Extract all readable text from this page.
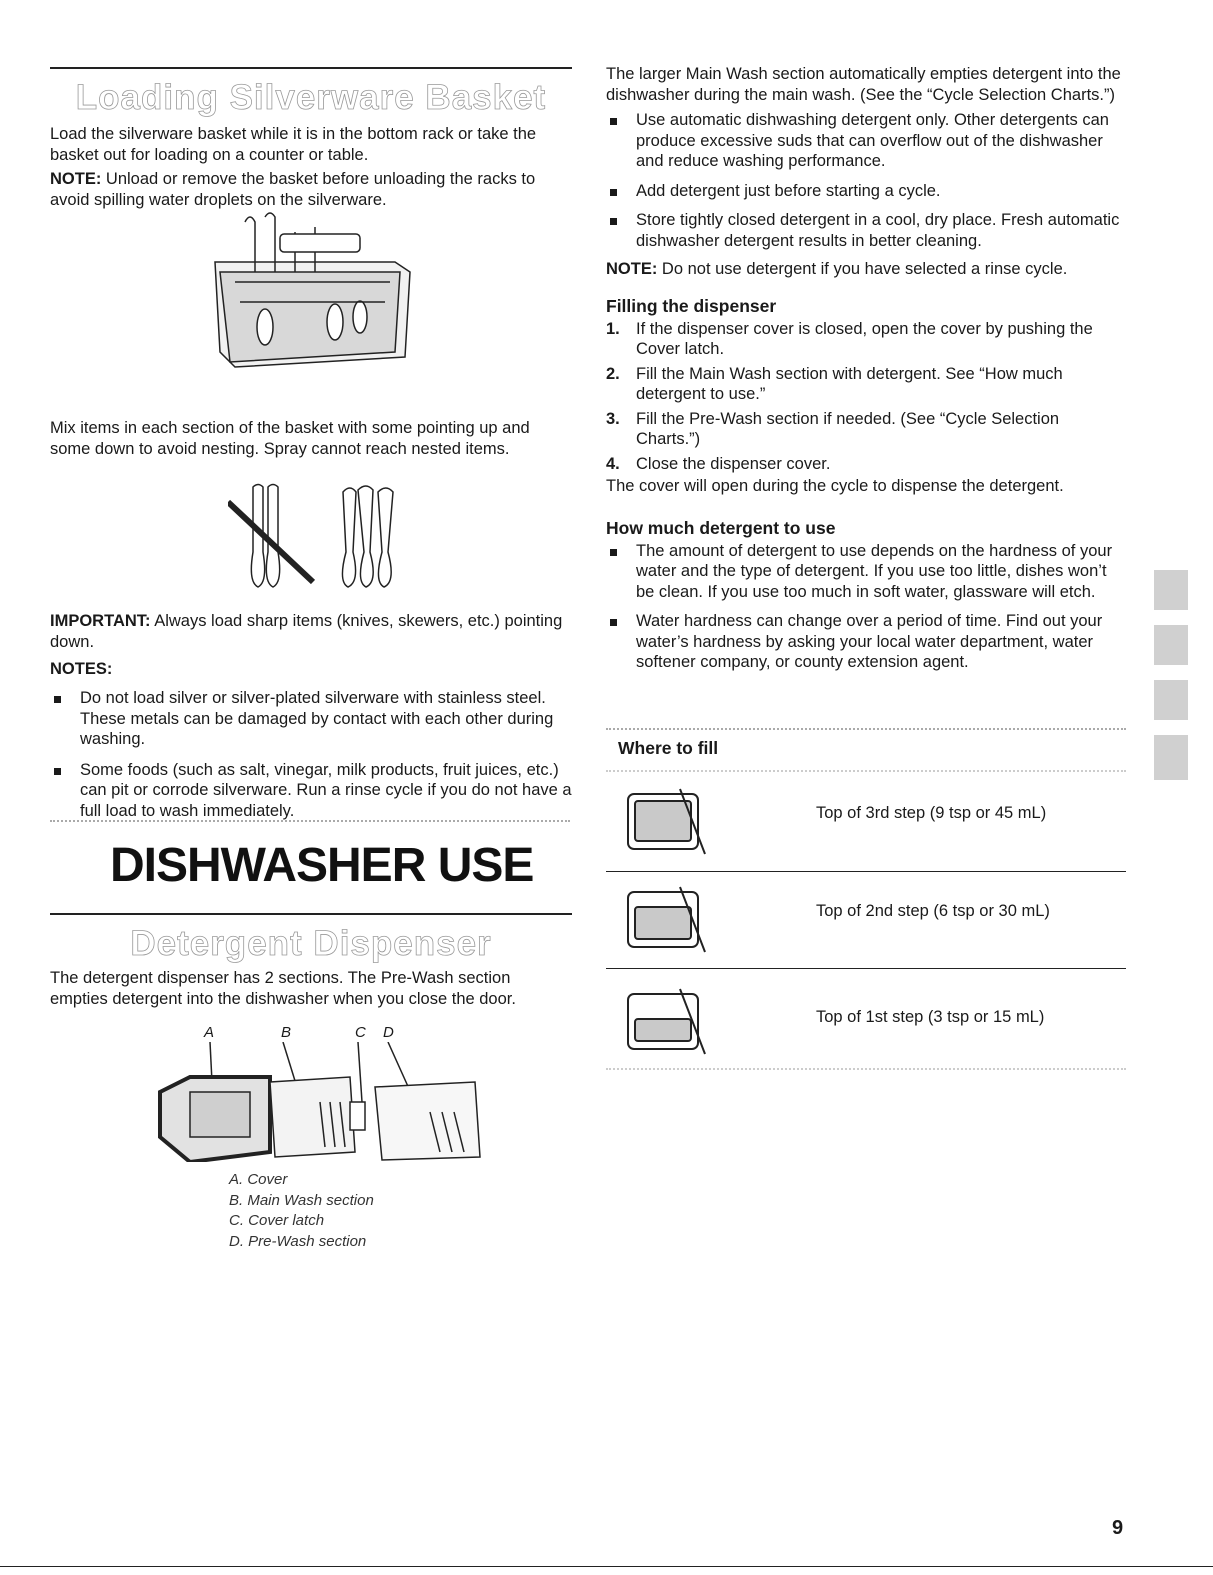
Loading Silverware Basket

Load the silverware basket while it is in the bottom rack or take the basket out for loading on a counter or table.

NOTE: Unload or remove the basket before unloading the racks to avoid spilling water droplets on the silverware.

Mix items in each section of the basket with some pointing up and some down to avoid nesting. Spray cannot reach nested items.

IMPORTANT: Always load sharp items (knives, skewers, etc.) pointing down.

NOTES:

Do not load silver or silver-plated silverware with stainless steel. These metals can be damaged by contact with each other during washing.
Some foods (such as salt, vinegar, milk products, fruit juices, etc.) can pit or corrode silverware. Run a rinse cycle if you do not have a full load to wash immediately.
DISHWASHER USE
Detergent Dispenser

The detergent dispenser has 2 sections. The Pre-Wash section empties detergent into the dishwasher when you close the door.

A	B	C D

A. Cover

B. Main Wash section

C. Cover latch

D. Pre-Wash section

The larger Main Wash section automatically empties detergent into the dishwasher during the main wash. (See the “Cycle Selection Charts.”)

Use automatic dishwashing detergent only. Other detergents can produce excessive suds that can overflow out of the dishwasher and reduce washing performance.
Add detergent just before starting a cycle.
Store tightly closed detergent in a cool, dry place. Fresh automatic dishwasher detergent results in better cleaning.

NOTE: Do not use detergent if you have selected a rinse cycle.

Filling the dispenser

1. If the dispenser cover is closed, open the cover by pushing the Cover latch.
2. Fill the Main Wash section with detergent. See “How much detergent to use.”
3. Fill the Pre-Wash section if needed. (See “Cycle Selection Charts.”)
4. Close the dispenser cover.

The cover will open during the cycle to dispense the detergent.

How much detergent to use

The amount of detergent to use depends on the hardness of your water and the type of detergent. If you use too little, dishes won’t be clean. If you use too much in soft water, glassware will etch.
Water hardness can change over a period of time. Find out your water’s hardness by asking your local water department, water softener company, or county extension agent.

Where to fill

Top of 3rd step (9 tsp or 45 mL)
Top of 2nd step (6 tsp or 30 mL)
Top of 1st step (3 tsp or 15 mL)
9
